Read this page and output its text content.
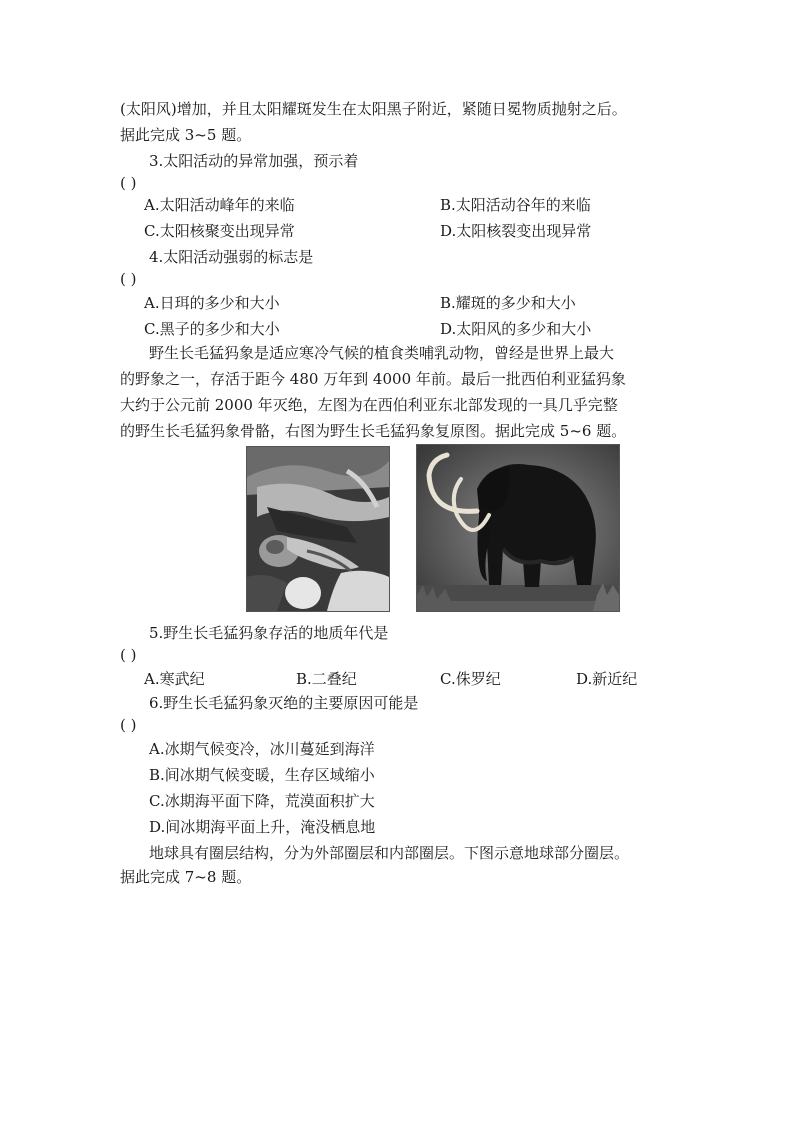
(太阳风)增加，并且太阳耀斑发生在太阳黑子附近，紧随日冕物质抛射之后。
据此完成 3~5 题。
3.太阳活动的异常加强，预示着
( )
A.太阳活动峰年的来临	B.太阳活动谷年的来临
C.太阳核聚变出现异常	D.太阳核裂变出现异常
4.太阳活动强弱的标志是
( )
A.日珥的多少和大小	B.耀斑的多少和大小
C.黑子的多少和大小	D.太阳风的多少和大小
野生长毛猛犸象是适应寒冷气候的植食类哺乳动物，曾经是世界上最大
的野象之一，存活于距今 480 万年到 4000 年前。最后一批西伯利亚猛犸象
大约于公元前 2000 年灭绝，左图为在西伯利亚东北部发现的一具几乎完整
的野生长毛猛犸象骨骼，右图为野生长毛猛犸象复原图。据此完成 5~6 题。
5.野生长毛猛犸象存活的地质年代是
( )
A.寒武纪	B.二叠纪	C.侏罗纪	D.新近纪
6.野生长毛猛犸象灭绝的主要原因可能是
( )
A.冰期气候变冷，冰川蔓延到海洋
B.间冰期气候变暖，生存区域缩小
C.冰期海平面下降，荒漠面积扩大
D.间冰期海平面上升，淹没栖息地
地球具有圈层结构，分为外部圈层和内部圈层。下图示意地球部分圈层。
据此完成 7~8 题。
